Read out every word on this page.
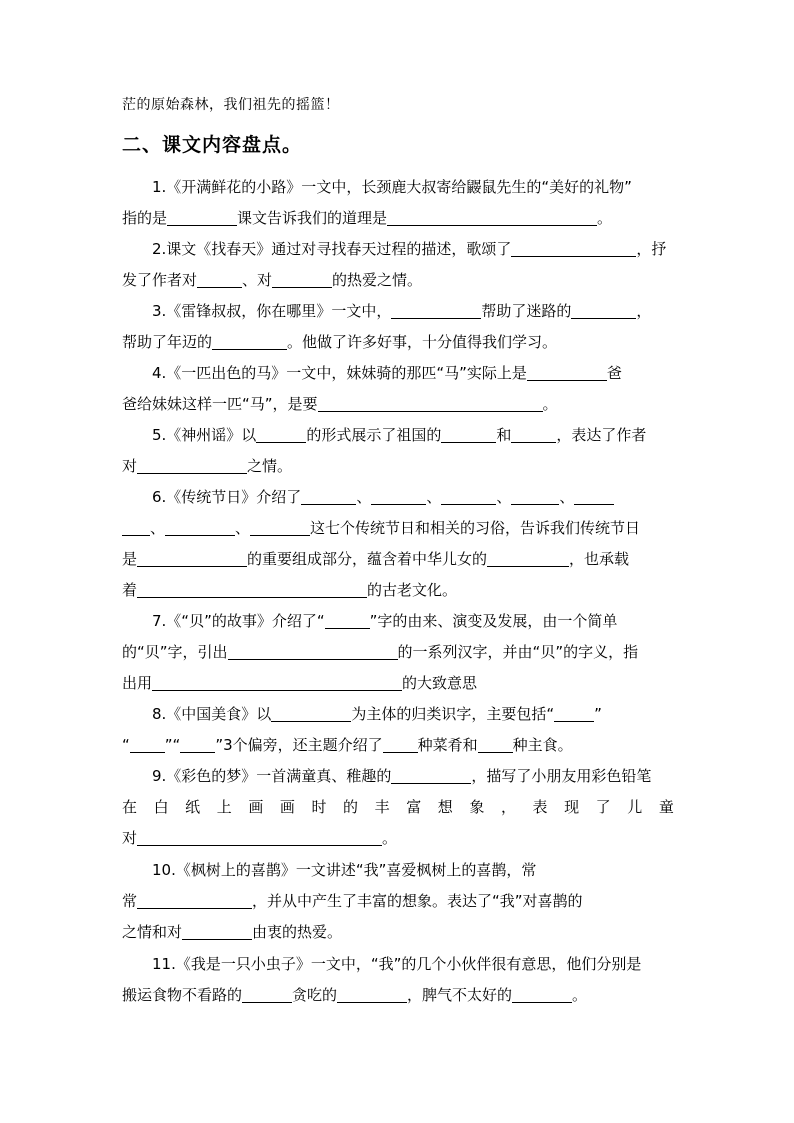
茫的原始森林，我们祖先的摇篮！
二、课文内容盘点。
1.《开满鲜花的小路》一文中，长颈鹿大叔寄给鼹鼠先生的“美好的礼物”
指的是	课文告诉我们的道理是	。
2.课文《找春天》通过对寻找春天过程的描述，歌颂了	，抒
发了作者对	、对	的热爱之情。
3.《雷锋叔叔，你在哪里》一文中，	帮助了迷路的	，
帮助了年迈的	。他做了许多好事，十分值得我们学习。
4.《一匹出色的马》一文中，妹妹骑的那匹“马”实际上是	爸
爸给妹妹这样一匹“马”，是要	。
5.《神州谣》以	的形式展示了祖国的	和	，表达了作者
对	之情。
6.《传统节日》介绍了	、	、	、	、
、	、	这七个传统节日和相关的习俗，告诉我们传统节日
是	的重要组成部分，蕴含着中华儿女的	，也承载
着	的古老文化。
7.《“贝”的故事》介绍了“	”字的由来、演变及发展，由一个简单
的“贝”字，引出	的一系列汉字，并由“贝”的字义，指
出用	的大致意思
8.《中国美食》以	为主体的归类识字，主要包括“	”
“ ”“ ”3个偏旁，还主题介绍了 种菜肴和 种主食。
9.《彩色的梦》一首满童真、稚趣的	，描写了小朋友用彩色铅笔
在 白 纸 上 画 画 时 的 丰 富 想 象 ， 表 现 了 儿 童
对	。
10.《枫树上的喜鹊》一文讲述“我”喜爱枫树上的喜鹊，常
常	，并从中产生了丰富的想象。表达了“我”对喜鹊的
之情和对	由衷的热爱。
11.《我是一只小虫子》一文中，“我”的几个小伙伴很有意思，他们分别是
搬运食物不看路的	贪吃的	，脾气不太好的	。
